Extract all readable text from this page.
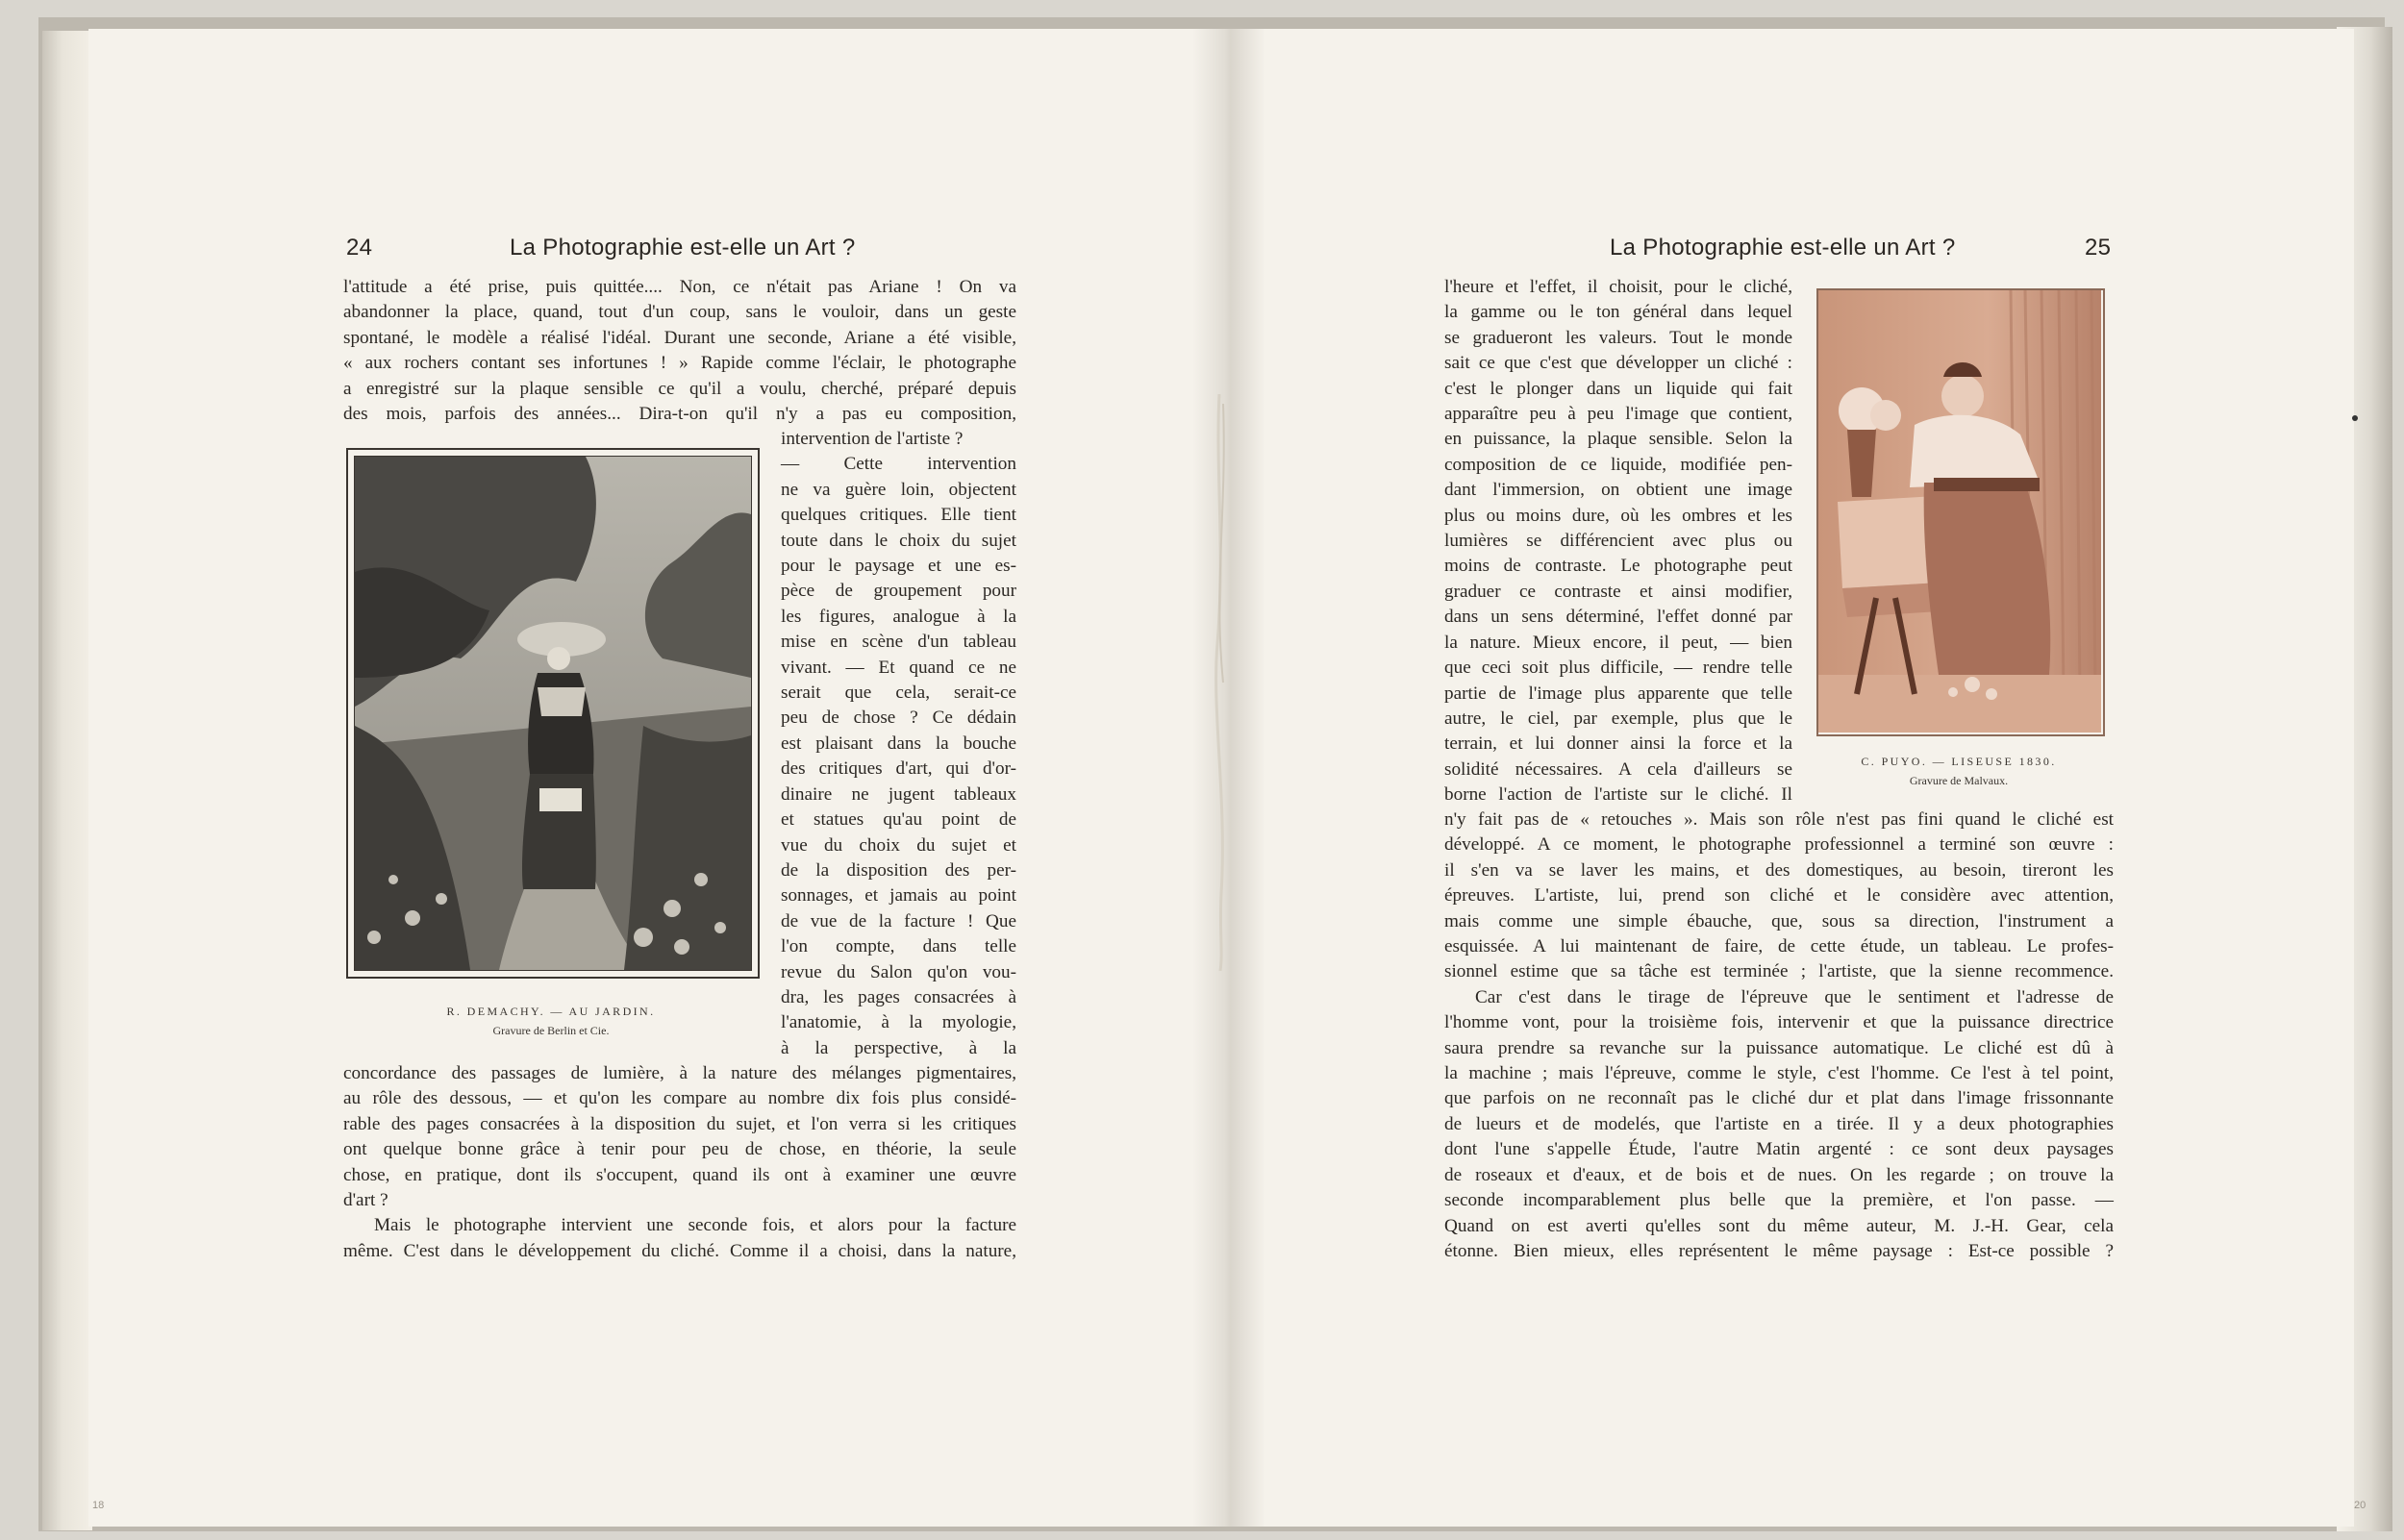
24	La Photographie est-elle un Art ?

l'attitude a été prise, puis quittée.... Non, ce n'était pas Ariane ! On va

abandonner la place, quand, tout d'un coup, sans le vouloir, dans un geste

spontané, le modèle a réalisé l'idéal. Durant une seconde, Ariane a été visible,

« aux rochers contant ses infortunes ! » Rapide comme l'éclair, le photographe

a enregistré sur la plaque sensible ce qu'il a voulu, cherché, préparé depuis

des mois, parfois des années... Dira-t-on qu'il n'y a pas eu composition,

R. DEMACHY. — AU JARDIN.
Gravure de Berlin et Cie.

intervention de l'artiste ?

— Cette intervention

ne va guère loin, objectent

quelques critiques. Elle tient

toute dans le choix du sujet

pour le paysage et une es-

pèce de groupement pour

les figures, analogue à la

mise en scène d'un tableau

vivant. — Et quand ce ne

serait que cela, serait-ce

peu de chose ? Ce dédain

est plaisant dans la bouche

des critiques d'art, qui d'or-

dinaire ne jugent tableaux

et statues qu'au point de

vue du choix du sujet et

de la disposition des per-

sonnages, et jamais au point

de vue de la facture ! Que

l'on compte, dans telle

revue du Salon qu'on vou-

dra, les pages consacrées à

l'anatomie, à la myologie,

à la perspective, à la

concordance des passages de lumière, à la nature des mélanges pigmentaires,

au rôle des dessous, — et qu'on les compare au nombre dix fois plus considé-

rable des pages consacrées à la disposition du sujet, et l'on verra si les critiques

ont quelque bonne grâce à tenir pour peu de chose, en théorie, la seule

chose, en pratique, dont ils s'occupent, quand ils ont à examiner une œuvre

d'art ?

Mais le photographe intervient une seconde fois, et alors pour la facture

même. C'est dans le développement du cliché. Comme il a choisi, dans la nature,

18
La Photographie est-elle un Art ?	25

l'heure et l'effet, il choisit, pour le cliché,

la gamme ou le ton général dans lequel

se gradueront les valeurs. Tout le monde

sait ce que c'est que développer un cliché :

c'est le plonger dans un liquide qui fait

apparaître peu à peu l'image que contient,

en puissance, la plaque sensible. Selon la

composition de ce liquide, modifiée pen-

dant l'immersion, on obtient une image

plus ou moins dure, où les ombres et les

lumières se différencient avec plus ou

moins de contraste. Le photographe peut

graduer ce contraste et ainsi modifier,

dans un sens déterminé, l'effet donné par

la nature. Mieux encore, il peut, — bien

que ceci soit plus difficile, — rendre telle

partie de l'image plus apparente que telle

autre, le ciel, par exemple, plus que le

terrain, et lui donner ainsi la force et la

solidité nécessaires. A cela d'ailleurs se

borne l'action de l'artiste sur le cliché. Il

C. PUYO. — LISEUSE 1830.
Gravure de Malvaux.

n'y fait pas de « retouches ». Mais son rôle n'est pas fini quand le cliché est

développé. A ce moment, le photographe professionnel a terminé son œuvre :

il s'en va se laver les mains, et des domestiques, au besoin, tireront les

épreuves. L'artiste, lui, prend son cliché et le considère avec attention,

mais comme une simple ébauche, que, sous sa direction, l'instrument a

esquissée. A lui maintenant de faire, de cette étude, un tableau. Le profes-

sionnel estime que sa tâche est terminée ; l'artiste, que la sienne recommence.

Car c'est dans le tirage de l'épreuve que le sentiment et l'adresse de

l'homme vont, pour la troisième fois, intervenir et que la puissance directrice

saura prendre sa revanche sur la puissance automatique. Le cliché est dû à

la machine ; mais l'épreuve, comme le style, c'est l'homme. Ce l'est à tel point,

que parfois on ne reconnaît pas le cliché dur et plat dans l'image frissonnante

de lueurs et de modelés, que l'artiste en a tirée. Il y a deux photographies

dont l'une s'appelle Étude, l'autre Matin argenté : ce sont deux paysages

de roseaux et d'eaux, et de bois et de nues. On les regarde ; on trouve la

seconde incomparablement plus belle que la première, et l'on passe. —

Quand on est averti qu'elles sont du même auteur, M. J.-H. Gear, cela

étonne. Bien mieux, elles représentent le même paysage : Est-ce possible ?

20
